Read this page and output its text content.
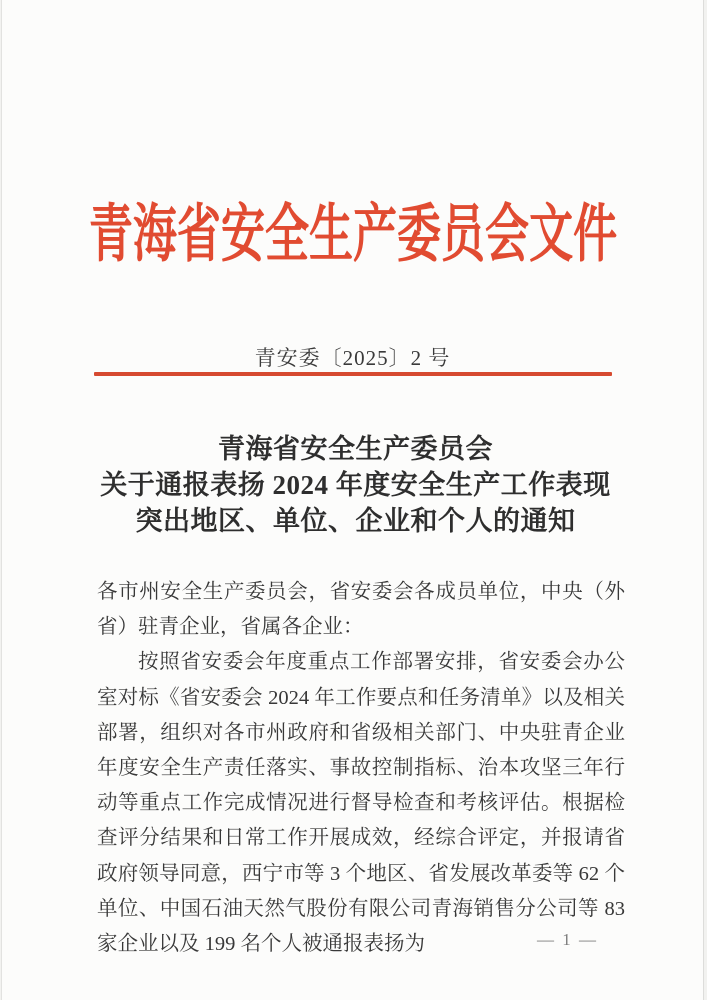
青海省安全生产委员会文件
青安委〔2025〕2 号
青海省安全生产委员会
关于通报表扬 2024 年度安全生产工作表现
突出地区、单位、企业和个人的通知

各市州安全生产委员会，省安委会各成员单位，中央（外省）驻青企业，省属各企业：

按照省安委会年度重点工作部署安排，省安委会办公室对标《省安委会 2024 年工作要点和任务清单》以及相关部署，组织对各市州政府和省级相关部门、中央驻青企业年度安全生产责任落实、事故控制指标、治本攻坚三年行动等重点工作完成情况进行督导检查和考核评估。根据检查评分结果和日常工作开展成效，经综合评定，并报请省政府领导同意，西宁市等 3 个地区、省发展改革委等 62 个单位、中国石油天然气股份有限公司青海销售分公司等 83 家企业以及 199 名个人被通报表扬为	— 1 —
